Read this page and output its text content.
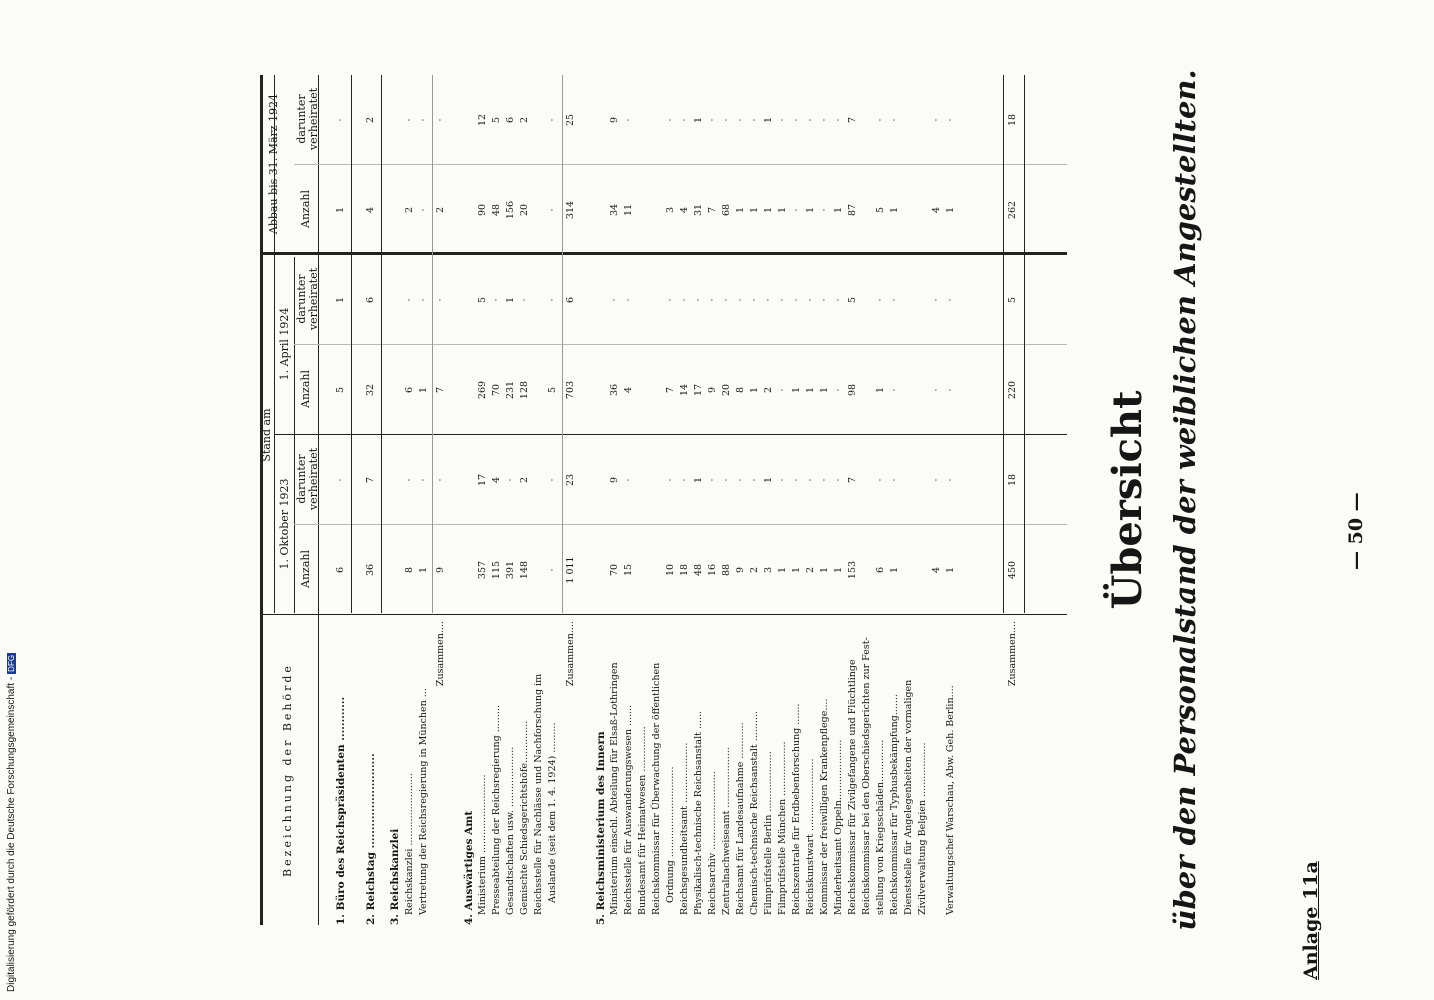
— 50 —
Anlage 11a
Übersicht über den Personalstand der weiblichen Angestellten.
Bezeichnung der Behörde
Stand am
1. Oktober 1923
1. April 1924
Abbau bis 31. März 1924
Anzahl
darunter verheiratet
Anzahl
darunter verheiratet
Anzahl
darunter verheiratet
1. Büro des Reichspräsidenten ............
6
·
5
1
1
·
2. Reichstag ..........................
36
7
32
6
4
2
3. Reichskanzlei Reichskanzlei ........................
8
·
6
·
2
·
Vertretung der Reichsregierung in München ...
1
·
1
·
·
·
Zusammen....
9
·
7
·
2
·
4. Auswärtiges Amt Ministerium ..........................
357
17
269
5
90
12
Presseabteilung der Reichsregierung .........
115
4
70
·
48
5
Gesandtschaften usw. ....................
391
·
231
1
156
6
Gemischte Schiedsgerichtshöfe..............
148
2
128
·
20
2
Reichsstelle für Nachlässe und Nachforschung im Auslande (seit dem 1. 4. 1924) ..........
·
·
5
·
·
·
Zusammen....
1 011
23
703
6
314
25
5. Reichsministerium des Innern Ministerium einschl. Abteilung für Elsaß-Lothringen
70
9
36
·
34
9
Reichsstelle für Auswanderungswesen .......
15
·
4
·
11
·
Bundesamt für Heimatwesen ............... Reichskommissar für Überwachung der öffentlichen Ordnung ..............................
10
·
7
·
3
·
Reichsgesundheitsamt ....................
18
·
14
·
4
·
Physikalisch-technische Reichsanstalt ......
48
1
17
·
31
1
Reichsarchiv ..........................
16
·
9
·
7
·
Zentralnachweiseamt ....................
88
·
20
·
68
·
Reichsamt für Landesaufnahme ............
9
·
8
·
1
·
Chemisch-technische Reichsanstalt ..........
2
·
1
·
1
·
Filmprüfstelle Berlin ....................
3
1
2
·
1
1
Filmprüfstelle München ..................
1
·
·
·
1
·
Reichszentrale für Erdbebenforschung .......
1
·
1
·
·
·
Reichskunstwart ........................
2
·
1
·
1
·
Kommissar der freiwilligen Krankenpflege....
1
·
1
·
·
·
Minderheitsamt Oppeln....................
1
·
·
·
1
·
Reichskommissar für Zivilgefangene und Flüchtlinge
153
7
98
5
87
7
Reichskommissar bei den Oberschiedsgerichten zur Fest- stellung von Kriegsschäden..............
6
·
1
·
5
·
Reichskommissar für Typhusbekämpfung.......
1
·
·
·
1
·
Dienststelle für Angelegenheiten der vormaligen Zivilverwaltung Belgien ..................
4
·
·
·
4
·
Verwaltungschef Warschau, Abw. Geh. Berlin....
1
·
·
·
1
·
Zusammen....
450
18
220
5
262
18
Digitalisierung gefördert durch die Deutsche Forschungsgemeinschaft -DFG
